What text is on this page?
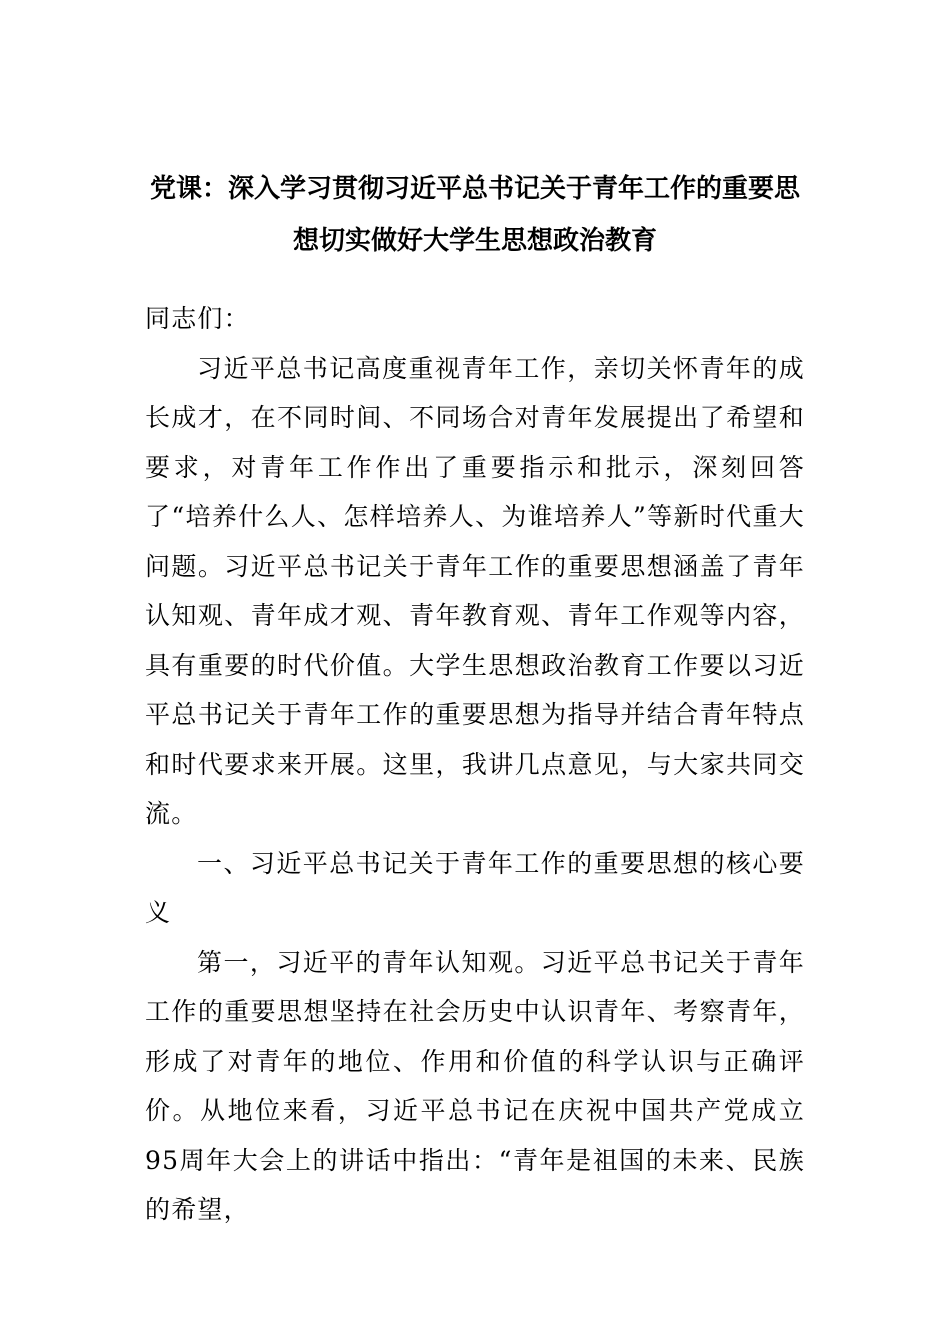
党课：深入学习贯彻习近平总书记关于青年工作的重要思
想切实做好大学生思想政治教育

同志们：

习近平总书记高度重视青年工作，亲切关怀青年的成长成才，在不同时间、不同场合对青年发展提出了希望和要求，对青年工作作出了重要指示和批示，深刻回答了“培养什么人、怎样培养人、为谁培养人”等新时代重大问题。习近平总书记关于青年工作的重要思想涵盖了青年认知观、青年成才观、青年教育观、青年工作观等内容，具有重要的时代价值。大学生思想政治教育工作要以习近平总书记关于青年工作的重要思想为指导并结合青年特点和时代要求来开展。这里，我讲几点意见，与大家共同交流。

一、习近平总书记关于青年工作的重要思想的核心要义

第一，习近平的青年认知观。习近平总书记关于青年工作的重要思想坚持在社会历史中认识青年、考察青年，形成了对青年的地位、作用和价值的科学认识与正确评价。从地位来看，习近平总书记在庆祝中国共产党成立95周年大会上的讲话中指出：“青年是祖国的未来、民族的希望，
